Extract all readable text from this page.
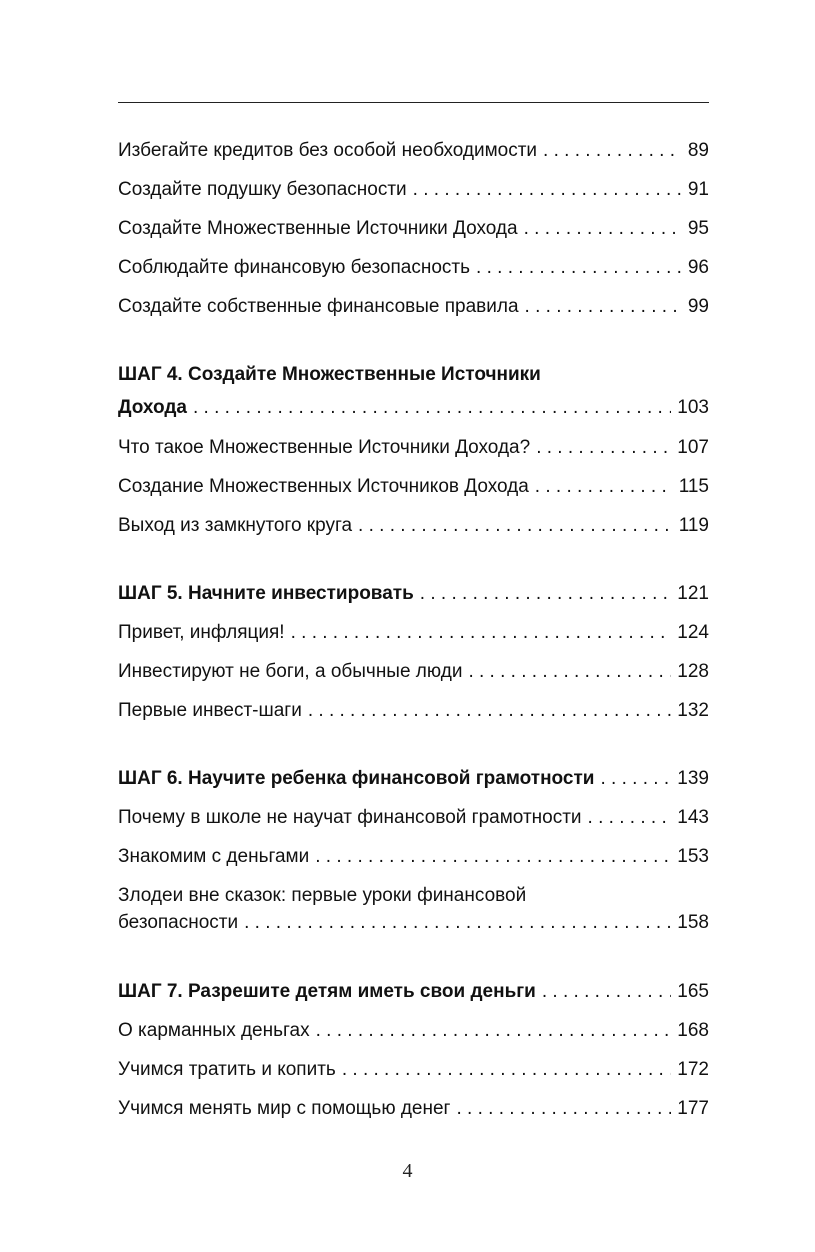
Избегайте кредитов без особой необходимости . . .	89
Создайте подушку безопасности . . .	91
Создайте Множественные Источники Дохода . . .	95
Соблюдайте финансовую безопасность . . .	96
Создайте собственные финансовые правила . . .	99
ШАГ 4. Создайте Множественные Источники
Дохода . . .	103
Что такое Множественные Источники Дохода? . . .	107
Создание Множественных Источников Дохода . . .	115
Выход из замкнутого круга . . .	119
ШАГ 5. Начните инвестировать . . .	121
Привет, инфляция! . . .	124
Инвестируют не боги, а обычные люди . . .	128
Первые инвест-шаги . . .	132
ШАГ 6. Научите ребенка финансовой грамотности . . .	139
Почему в школе не научат финансовой грамотности . . .	143
Знакомим с деньгами . . .	153
Злодеи вне сказок: первые уроки финансовой
безопасности . . .	158
ШАГ 7. Разрешите детям иметь свои деньги . . .	165
О карманных деньгах . . .	168
Учимся тратить и копить . . .	172
Учимся менять мир с помощью денег . . .	177
4
